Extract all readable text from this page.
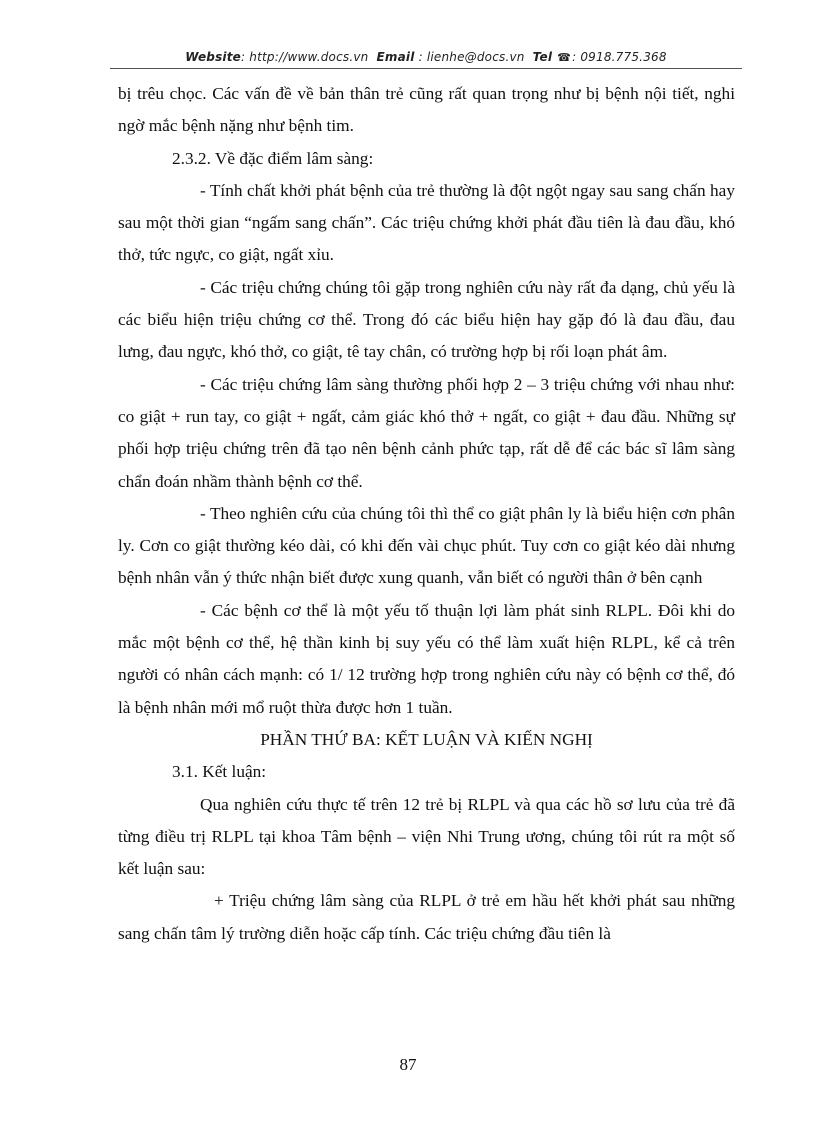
Website: http://www.docs.vn Email : lienhe@docs.vn Tel ☎: 0918.775.368

bị trêu chọc. Các vấn đề về bản thân trẻ cũng rất quan trọng như bị bệnh nội tiết, nghi ngờ mắc bệnh nặng như bệnh tim.

2.3.2. Về đặc điểm lâm sàng:

- Tính chất khởi phát bệnh của trẻ thường là đột ngột ngay sau sang chấn hay sau một thời gian “ngấm sang chấn”. Các triệu chứng khởi phát đầu tiên là đau đầu, khó thở, tức ngực, co giật, ngất xỉu.

- Các triệu chứng chúng tôi gặp trong nghiên cứu này rất đa dạng, chủ yếu là các biểu hiện triệu chứng cơ thể. Trong đó các biểu hiện hay gặp đó là đau đầu, đau lưng, đau ngực, khó thở, co giật, tê tay chân, có trường hợp bị rối loạn phát âm.

- Các triệu chứng lâm sàng thường phối hợp 2 – 3 triệu chứng với nhau như: co giật + run tay, co giật + ngất, cảm giác khó thở + ngất, co giật + đau đầu. Những sự phối hợp triệu chứng trên đã tạo nên bệnh cảnh phức tạp, rất dễ để các bác sĩ lâm sàng chẩn đoán nhầm thành bệnh cơ thể.

- Theo nghiên cứu của chúng tôi thì thể co giật phân ly là biểu hiện cơn phân ly. Cơn co giật thường kéo dài, có khi đến vài chục phút. Tuy cơn co giật kéo dài nhưng bệnh nhân vẫn ý thức nhận biết được xung quanh, vẫn biết có người thân ở bên cạnh

- Các bệnh cơ thể là một yếu tố thuận lợi làm phát sinh RLPL. Đôi khi do mắc một bệnh cơ thể, hệ thần kinh bị suy yếu có thể làm xuất hiện RLPL, kể cả trên người có nhân cách mạnh: có 1/ 12 trường hợp trong nghiên cứu này có bệnh cơ thể, đó là bệnh nhân mới mổ ruột thừa được hơn 1 tuần.

PHẦN THỨ BA: KẾT LUẬN VÀ KIẾN NGHỊ

3.1. Kết luận:

Qua nghiên cứu thực tế trên 12 trẻ bị RLPL và qua các hồ sơ lưu của trẻ đã từng điều trị RLPL tại khoa Tâm bệnh – viện Nhi Trung ương, chúng tôi rút ra một số kết luận sau:

+ Triệu chứng lâm sàng của RLPL ở trẻ em hầu hết khởi phát sau những sang chấn tâm lý trường diễn hoặc cấp tính. Các triệu chứng đầu tiên là

87
